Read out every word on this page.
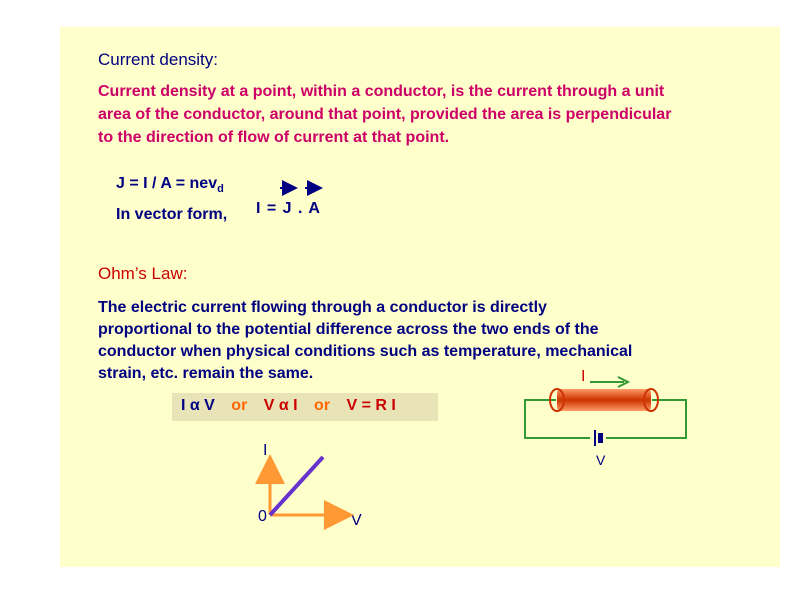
Current density:
Current density at a point, within a conductor, is the current through a unit
area of the conductor, around that point, provided the area is perpendicular
to the direction of flow of current at that point.
J = I / A = nev$_d$
In vector form, I = J . A
Ohm’s Law:
The electric current flowing through a conductor is directly
proportional to the potential difference across the two ends of the
conductor when physical conditions such as temperature, mechanical
strain, etc. remain the same.
I α V or V α I or V = R I
I
V
0
I
V
